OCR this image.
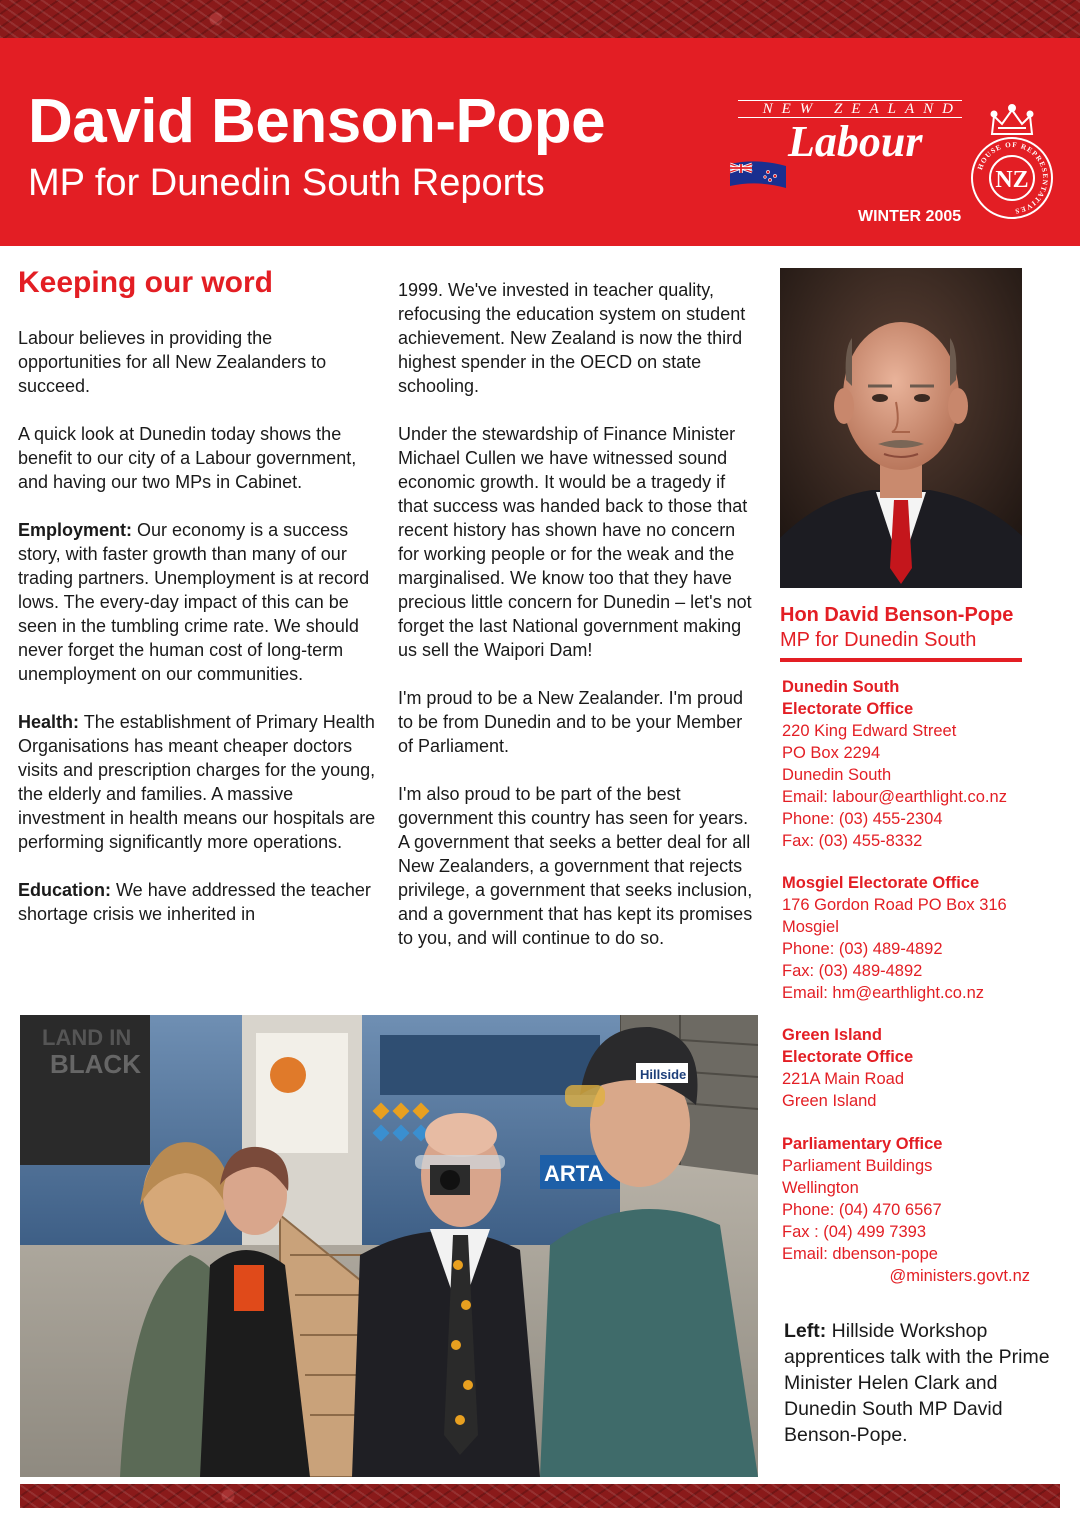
David Benson-Pope
MP for Dunedin South Reports
WINTER 2005
NEW ZEALAND
Labour
NZ
HOUSE OF REPRESENTATIVES
Keeping our word

Labour believes in providing the opportunities for all New Zealanders to succeed.

A quick look at Dunedin today shows the benefit to our city of a Labour government, and having our two MPs in Cabinet.

Employment: Our economy is a success story, with faster growth than many of our trading partners. Unemployment is at record lows. The every-day impact of this can be seen in the tumbling crime rate. We should never forget the human cost of long-term unemployment on our communities.

Health: The establishment of Primary Health Organisations has meant cheaper doctors visits and prescription charges for the young, the elderly and families. A massive investment in health means our hospitals are performing significantly more operations.

Education: We have addressed the teacher shortage crisis we inherited in

1999. We've invested in teacher quality, refocusing the education system on student achievement. New Zealand is now the third highest spender in the OECD on state schooling.

Under the stewardship of Finance Minister Michael Cullen we have witnessed sound economic growth. It would be a tragedy if that success was handed back to those that recent history has shown have no concern for working people or for the weak and the marginalised. We know too that they have precious little concern for Dunedin – let's not forget the last National government making us sell the Waipori Dam!

I'm proud to be a New Zealander. I'm proud to be from Dunedin and to be your Member of Parliament.

I'm also proud to be part of the best government this country has seen for years. A government that seeks a better deal for all New Zealanders, a government that rejects privilege, a government that seeks inclusion, and a government that has kept its promises to you, and will continue to do so.

Hon David Benson-Pope
MP for Dunedin South
Dunedin South
Electorate Office
220 King Edward Street
PO Box 2294
Dunedin South
Email: labour@earthlight.co.nz
Phone: (03) 455-2304
Fax: (03) 455-8332
Mosgiel Electorate Office
176 Gordon Road PO Box 316
Mosgiel
Phone: (03) 489-4892
Fax: (03) 489-4892
Email: hm@earthlight.co.nz
Green Island
Electorate Office
221A Main Road
Green Island
Parliamentary Office
Parliament Buildings
Wellington
Phone: (04) 470 6567
Fax : (04) 499 7393
Email: dbenson-pope
@ministers.govt.nz
LAND IN
BLACK
ARTA
Hillside
Left: Hillside Workshop apprentices talk with the Prime Minister Helen Clark and Dunedin South MP David Benson-Pope.
